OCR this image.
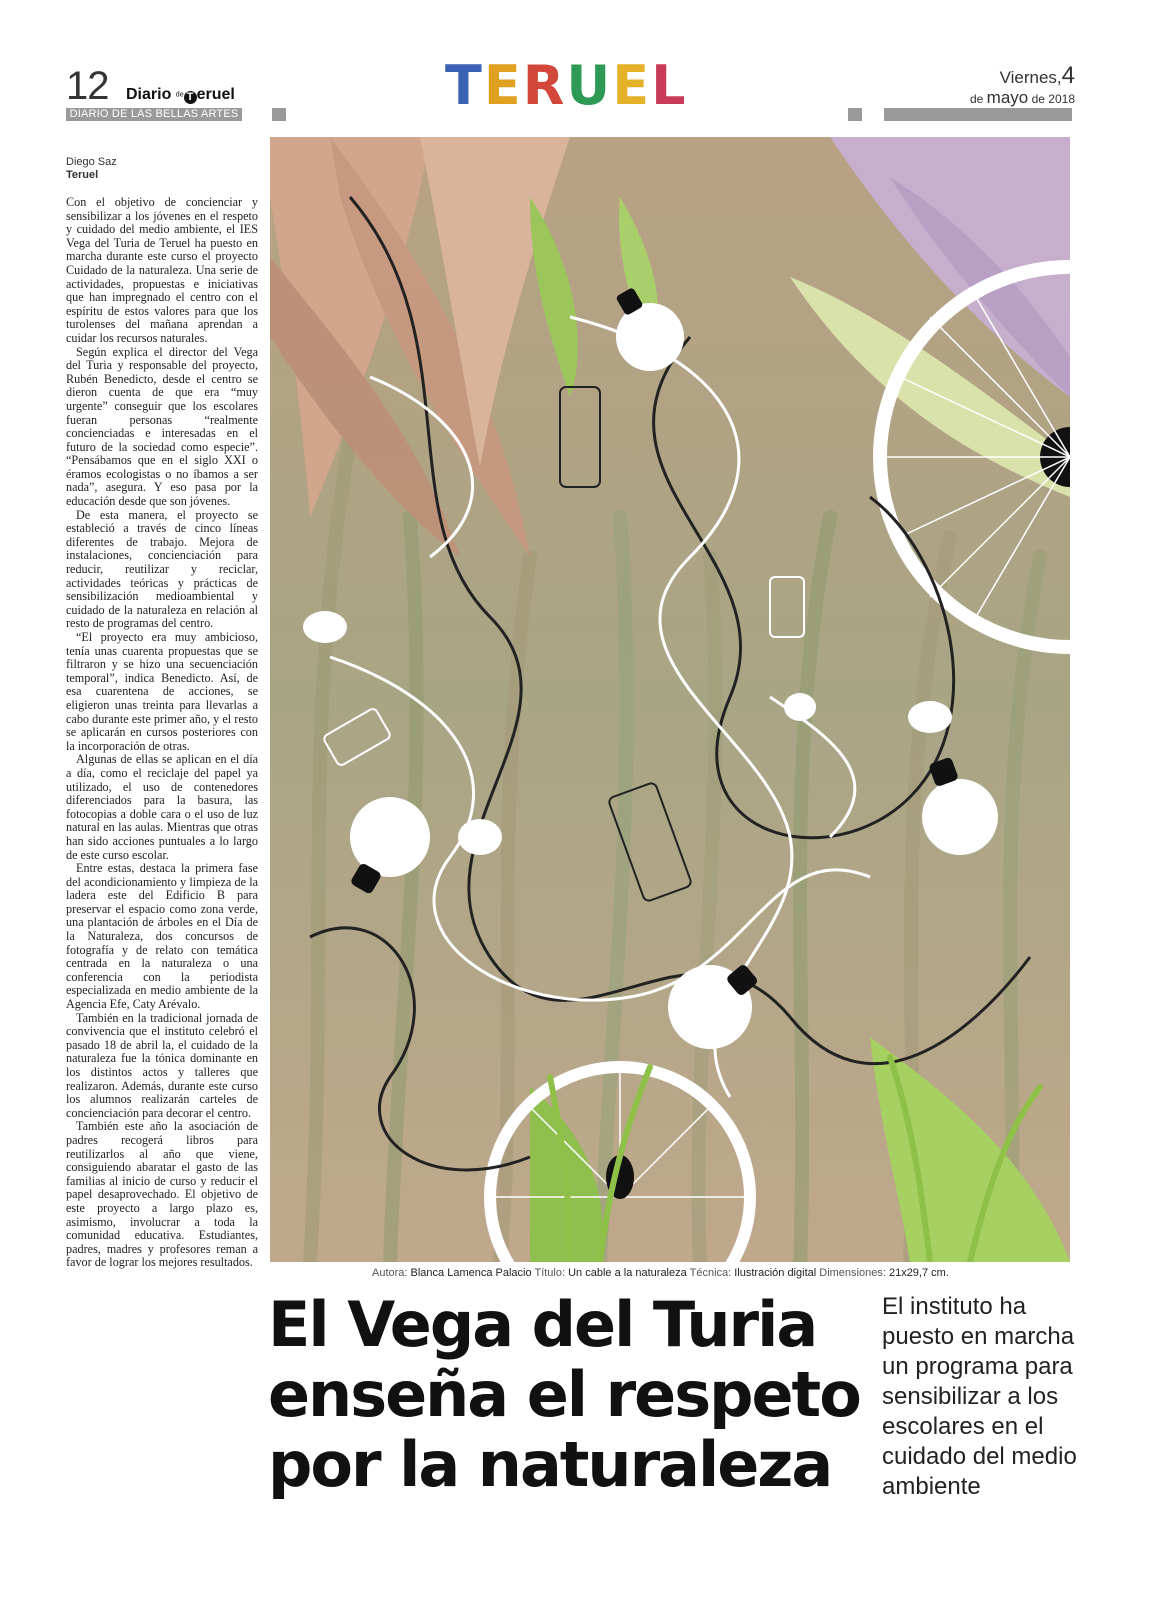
12 Diario de T eruel
DIARIO DE LAS BELLAS ARTES	T E R U E L	Viernes,4
de mayo de 2018
Diego Saz
Teruel

Con el objetivo de concienciar y sensibilizar a los jóvenes en el respeto y cuidado del medio ambiente, el IES Vega del Turia de Teruel ha puesto en marcha durante este curso el proyecto Cuidado de la naturaleza. Una serie de actividades, propuestas e iniciativas que han impregnado el centro con el espíritu de estos valores para que los turolenses del mañana aprendan a cuidar los recursos naturales.

Según explica el director del Vega del Turia y responsable del proyecto, Rubén Benedicto, desde el centro se dieron cuenta de que era “muy urgente” conseguir que los escolares fueran personas “realmente concienciadas e interesadas en el futuro de la sociedad como especie”. “Pensábamos que en el siglo XXI o éramos ecologistas o no íbamos a ser nada”, asegura. Y eso pasa por la educación desde que son jóvenes.

De esta manera, el proyecto se estableció a través de cinco líneas diferentes de trabajo. Mejora de instalaciones, concienciación para reducir, reutilizar y reciclar, actividades teóricas y prácticas de sensibilización medioambiental y cuidado de la naturaleza en relación al resto de programas del centro.

“El proyecto era muy ambicioso, tenía unas cuarenta propuestas que se filtraron y se hizo una secuenciación temporal”, indica Benedicto. Así, de esa cuarentena de acciones, se eligieron unas treinta para llevarlas a cabo durante este primer año, y el resto se aplicarán en cursos posteriores con la incorporación de otras.

Algunas de ellas se aplican en el día a día, como el reciclaje del papel ya utilizado, el uso de contenedores diferenciados para la basura, las fotocopias a doble cara o el uso de luz natural en las aulas. Mientras que otras han sido acciones puntuales a lo largo de este curso escolar.

Entre estas, destaca la primera fase del acondicionamiento y limpieza de la ladera este del Edificio B para preservar el espacio como zona verde, una plantación de árboles en el Día de la Naturaleza, dos concursos de fotografía y de relato con temática centrada en la naturaleza o una conferencia con la periodista especializada en medio ambiente de la Agencia Efe, Caty Arévalo.

También en la tradicional jornada de convivencia que el instituto celebró el pasado 18 de abril la, el cuidado de la naturaleza fue la tónica dominante en los distintos actos y talleres que realizaron. Además, durante este curso los alumnos realizarán carteles de concienciación para decorar el centro.

También este año la asociación de padres recogerá libros para reutilizarlos al año que viene, consiguiendo abaratar el gasto de las familias al inicio de curso y reducir el papel desaprovechado. El objetivo de este proyecto a largo plazo es, asimismo, involucrar a toda la comunidad educativa. Estudiantes, padres, madres y profesores reman a favor de lograr los mejores resultados.

Autora: Blanca Lamenca Palacio Título: Un cable a la naturaleza Técnica: Ilustración digital Dimensiones: 21x29,7 cm.
El Vega del Turia
enseña el respeto
por la naturaleza
El instituto ha puesto en marcha un programa para sensibilizar a los escolares en el cuidado del medio ambiente
